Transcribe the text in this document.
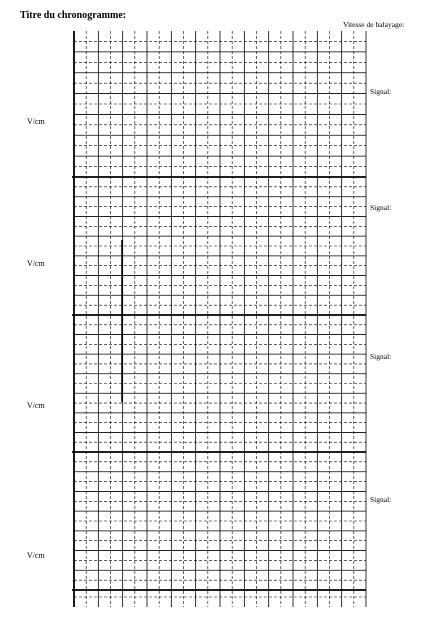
Titre du chronogramme:
Vitesse de balayage:
Signal:
Signal:
Signal:
Signal:
V/cm
V/cm
V/cm
V/cm
